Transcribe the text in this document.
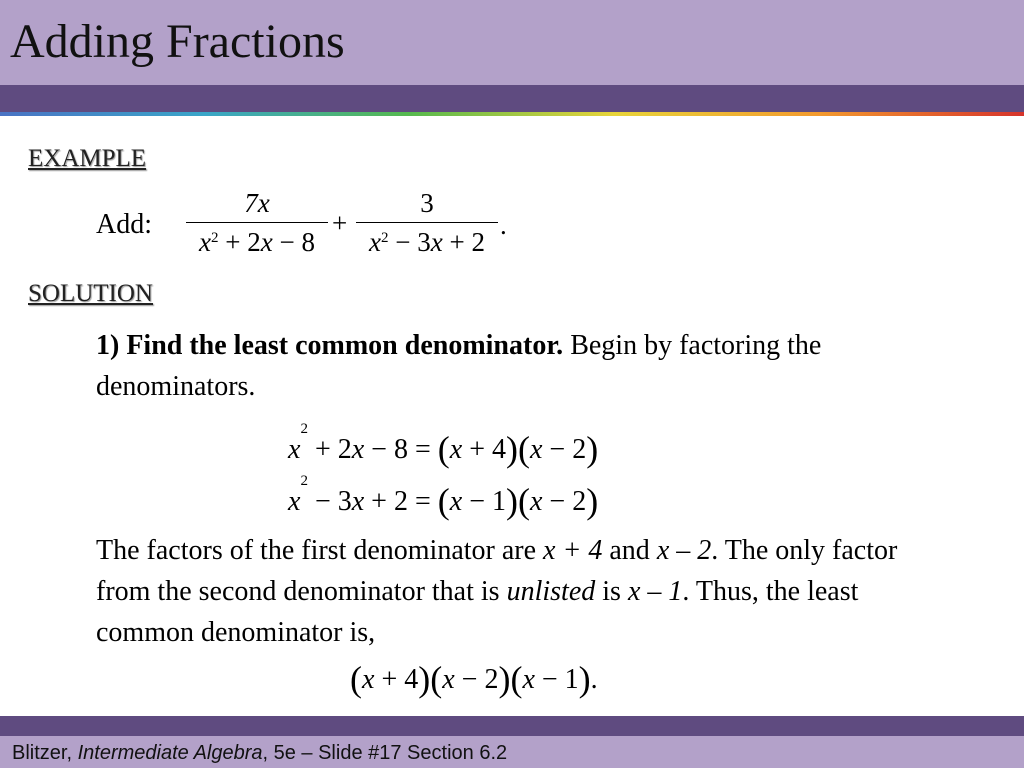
Adding Fractions
EXAMPLE
Add:
7x
$x^2 + 2x - 8$
+
3
$x^2 - 3x + 2$
.
SOLUTION
1) Find the least common denominator. Begin by factoring the denominators.
$x^2 + 2x - 8 = (x + 4)(x - 2)$
$x^2 - 3x + 2 = (x - 1)(x - 2)$
The factors of the first denominator are x + 4 and x – 2. The only factor from the second denominator that is unlisted is x – 1. Thus, the least common denominator is,
(x + 4)(x − 2)(x − 1).
Blitzer, Intermediate Algebra, 5e – Slide #17 Section 6.2
